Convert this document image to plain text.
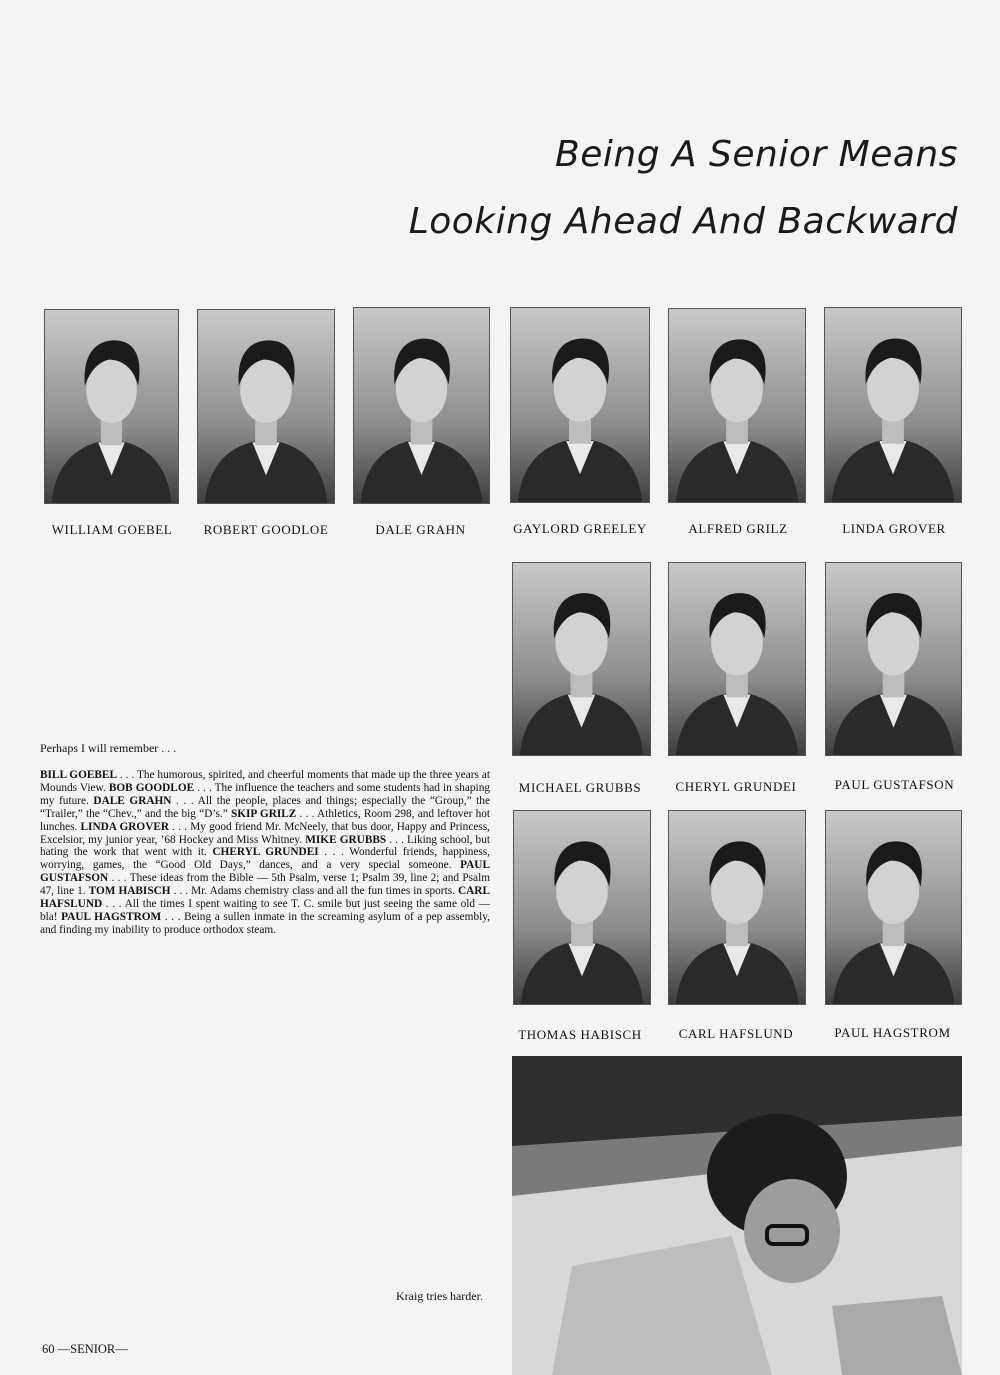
Being A Senior Means
Looking Ahead And Backward
WILLIAM GOEBEL	ROBERT GOODLOE	DALE GRAHN	GAYLORD GREELEY	ALFRED GRILZ	LINDA GROVER
MICHAEL GRUBBS	CHERYL GRUNDEI	PAUL GUSTAFSON
THOMAS HABISCH	CARL HAFSLUND	PAUL HAGSTROM
Perhaps I will remember . . .
BILL GOEBEL . . . The humorous, spirited, and cheerful moments that made up the three years at Mounds View. BOB GOODLOE . . . The influence the teachers and some students had in shaping my future. DALE GRAHN . . . All the people, places and things; especially the “Group,” the “Trailer,” the “Chev.,” and the big “D’s.” SKIP GRILZ . . . Athletics, Room 298, and leftover hot lunches. LINDA GROVER . . . My good friend Mr. McNeely, that bus door, Happy and Princess, Excelsior, my junior year, ’68 Hockey and Miss Whitney. MIKE GRUBBS . . . Liking school, but hating the work that went with it. CHERYL GRUNDEI . . . Wonderful friends, happiness, worrying, games, the “Good Old Days,” dances, and a very special someone. PAUL GUSTAFSON . . . These ideas from the Bible — 5th Psalm, verse 1; Psalm 39, line 2; and Psalm 47, line 1. TOM HABISCH . . . Mr. Adams chemistry class and all the fun times in sports. CARL HAFSLUND . . . All the times I spent waiting to see T. C. smile but just seeing the same old — bla! PAUL HAGSTROM . . . Being a sullen inmate in the screaming asylum of a pep assembly, and finding my inability to produce orthodox steam.
Kraig tries harder.
60 —SENIOR—
